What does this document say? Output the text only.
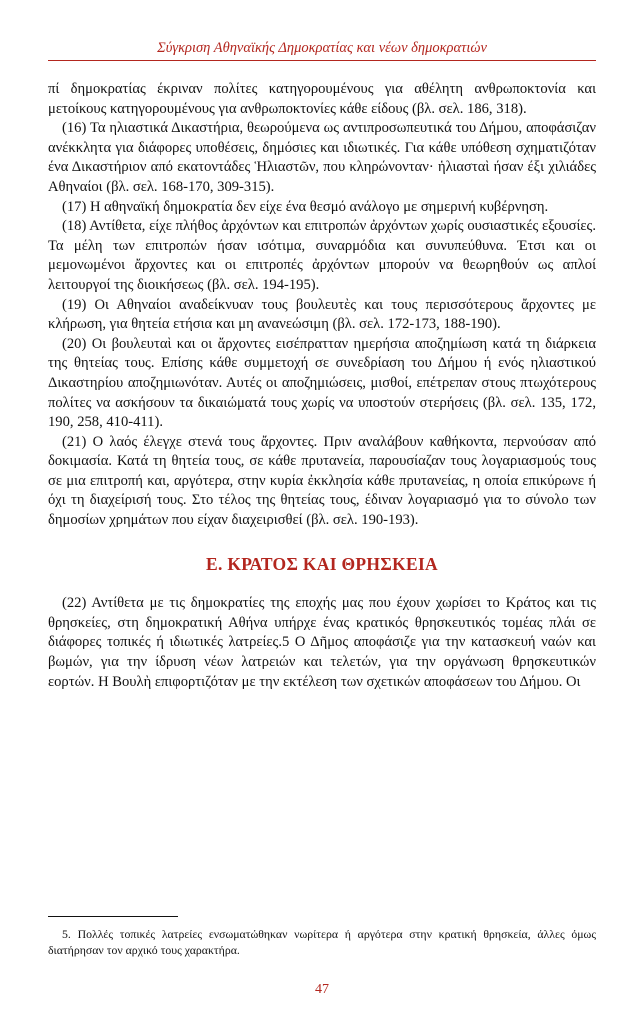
Σύγκριση Αθηναϊκής Δημοκρατίας και νέων δημοκρατιών

πί δημοκρατίας έκριναν πολίτες κατηγορουμένους για αθέλητη ανθρωποκτονία και μετοίκους κατηγορουμένους για ανθρωποκτονίες κάθε είδους (βλ. σελ. 186, 318).

(16) Τα ηλιαστικά Δικαστήρια, θεωρούμενα ως αντιπροσωπευτικά του Δήμου, αποφάσιζαν ανέκκλητα για διάφορες υποθέσεις, δημόσιες και ιδιωτικές. Για κάθε υπόθεση σχηματιζόταν ένα Δικαστήριον από εκατοντάδες Ἡλιαστῶν, που κληρώνονταν· ἡλιασταὶ ήσαν έξι χιλιάδες Αθηναίοι (βλ. σελ. 168-170, 309-315).

(17) Η αθηναϊκή δημοκρατία δεν είχε ένα θεσμό ανάλογο με σημερινή κυβέρνηση.

(18) Αντίθετα, είχε πλήθος ἀρχόντων και επιτροπών ἀρχόντων χωρίς ουσιαστικές εξουσίες. Τα μέλη των επιτροπών ήσαν ισότιμα, συναρμόδια και συνυπεύθυνα. Έτσι και οι μεμονωμένοι ἄρχοντες και οι επιτροπές ἀρχόντων μπορούν να θεωρηθούν ως απλοί λειτουργοί της διοικήσεως (βλ. σελ. 194-195).

(19) Οι Αθηναίοι αναδείκνυαν τους βουλευτὲς και τους περισσότερους ἄρχοντες με κλήρωση, για θητεία ετήσια και μη ανανεώσιμη (βλ. σελ. 172-173, 188-190).

(20) Οι βουλευταὶ και οι ἄρχοντες εισέπρατταν ημερήσια αποζημίωση κατά τη διάρκεια της θητείας τους. Επίσης κάθε συμμετοχή σε συνεδρίαση του Δήμου ή ενός ηλιαστικού Δικαστηρίου αποζημιωνόταν. Αυτές οι αποζημιώσεις, μισθοί, επέτρεπαν στους πτωχότερους πολίτες να ασκήσουν τα δικαιώματά τους χωρίς να υποστούν στερήσεις (βλ. σελ. 135, 172, 190, 258, 410-411).

(21) Ο λαός έλεγχε στενά τους ἄρχοντες. Πριν αναλάβουν καθήκοντα, περνούσαν από δοκιμασία. Κατά τη θητεία τους, σε κάθε πρυτανεία, παρουσίαζαν τους λογαριασμούς τους σε μια επιτροπή και, αργότερα, στην κυρία ἐκκλησία κάθε πρυτανείας, η οποία επικύρωνε ή όχι τη διαχείρισή τους. Στο τέλος της θητείας τους, έδιναν λογαριασμό για το σύνολο των δημοσίων χρημάτων που είχαν διαχειρισθεί (βλ. σελ. 190-193).

Ε. ΚΡΑΤΟΣ ΚΑΙ ΘΡΗΣΚΕΙΑ

(22) Αντίθετα με τις δημοκρατίες της εποχής μας που έχουν χωρίσει το Κράτος και τις θρησκείες, στη δημοκρατική Αθήνα υπήρχε ένας κρατικός θρησκευτικός τομέας πλάι σε διάφορες τοπικές ή ιδιωτικές λατρείες.5 Ο Δῆμος αποφάσιζε για την κατασκευή ναών και βωμών, για την ίδρυση νέων λατρειών και τελετών, για την οργάνωση θρησκευτικών εορτών. Η Βουλὴ επιφορτιζόταν με την εκτέλεση των σχετικών αποφάσεων του Δήμου. Οι

5. Πολλές τοπικές λατρείες ενσωματώθηκαν νωρίτερα ή αργότερα στην κρατική θρησκεία, άλλες όμως διατήρησαν τον αρχικό τους χαρακτήρα.
47
